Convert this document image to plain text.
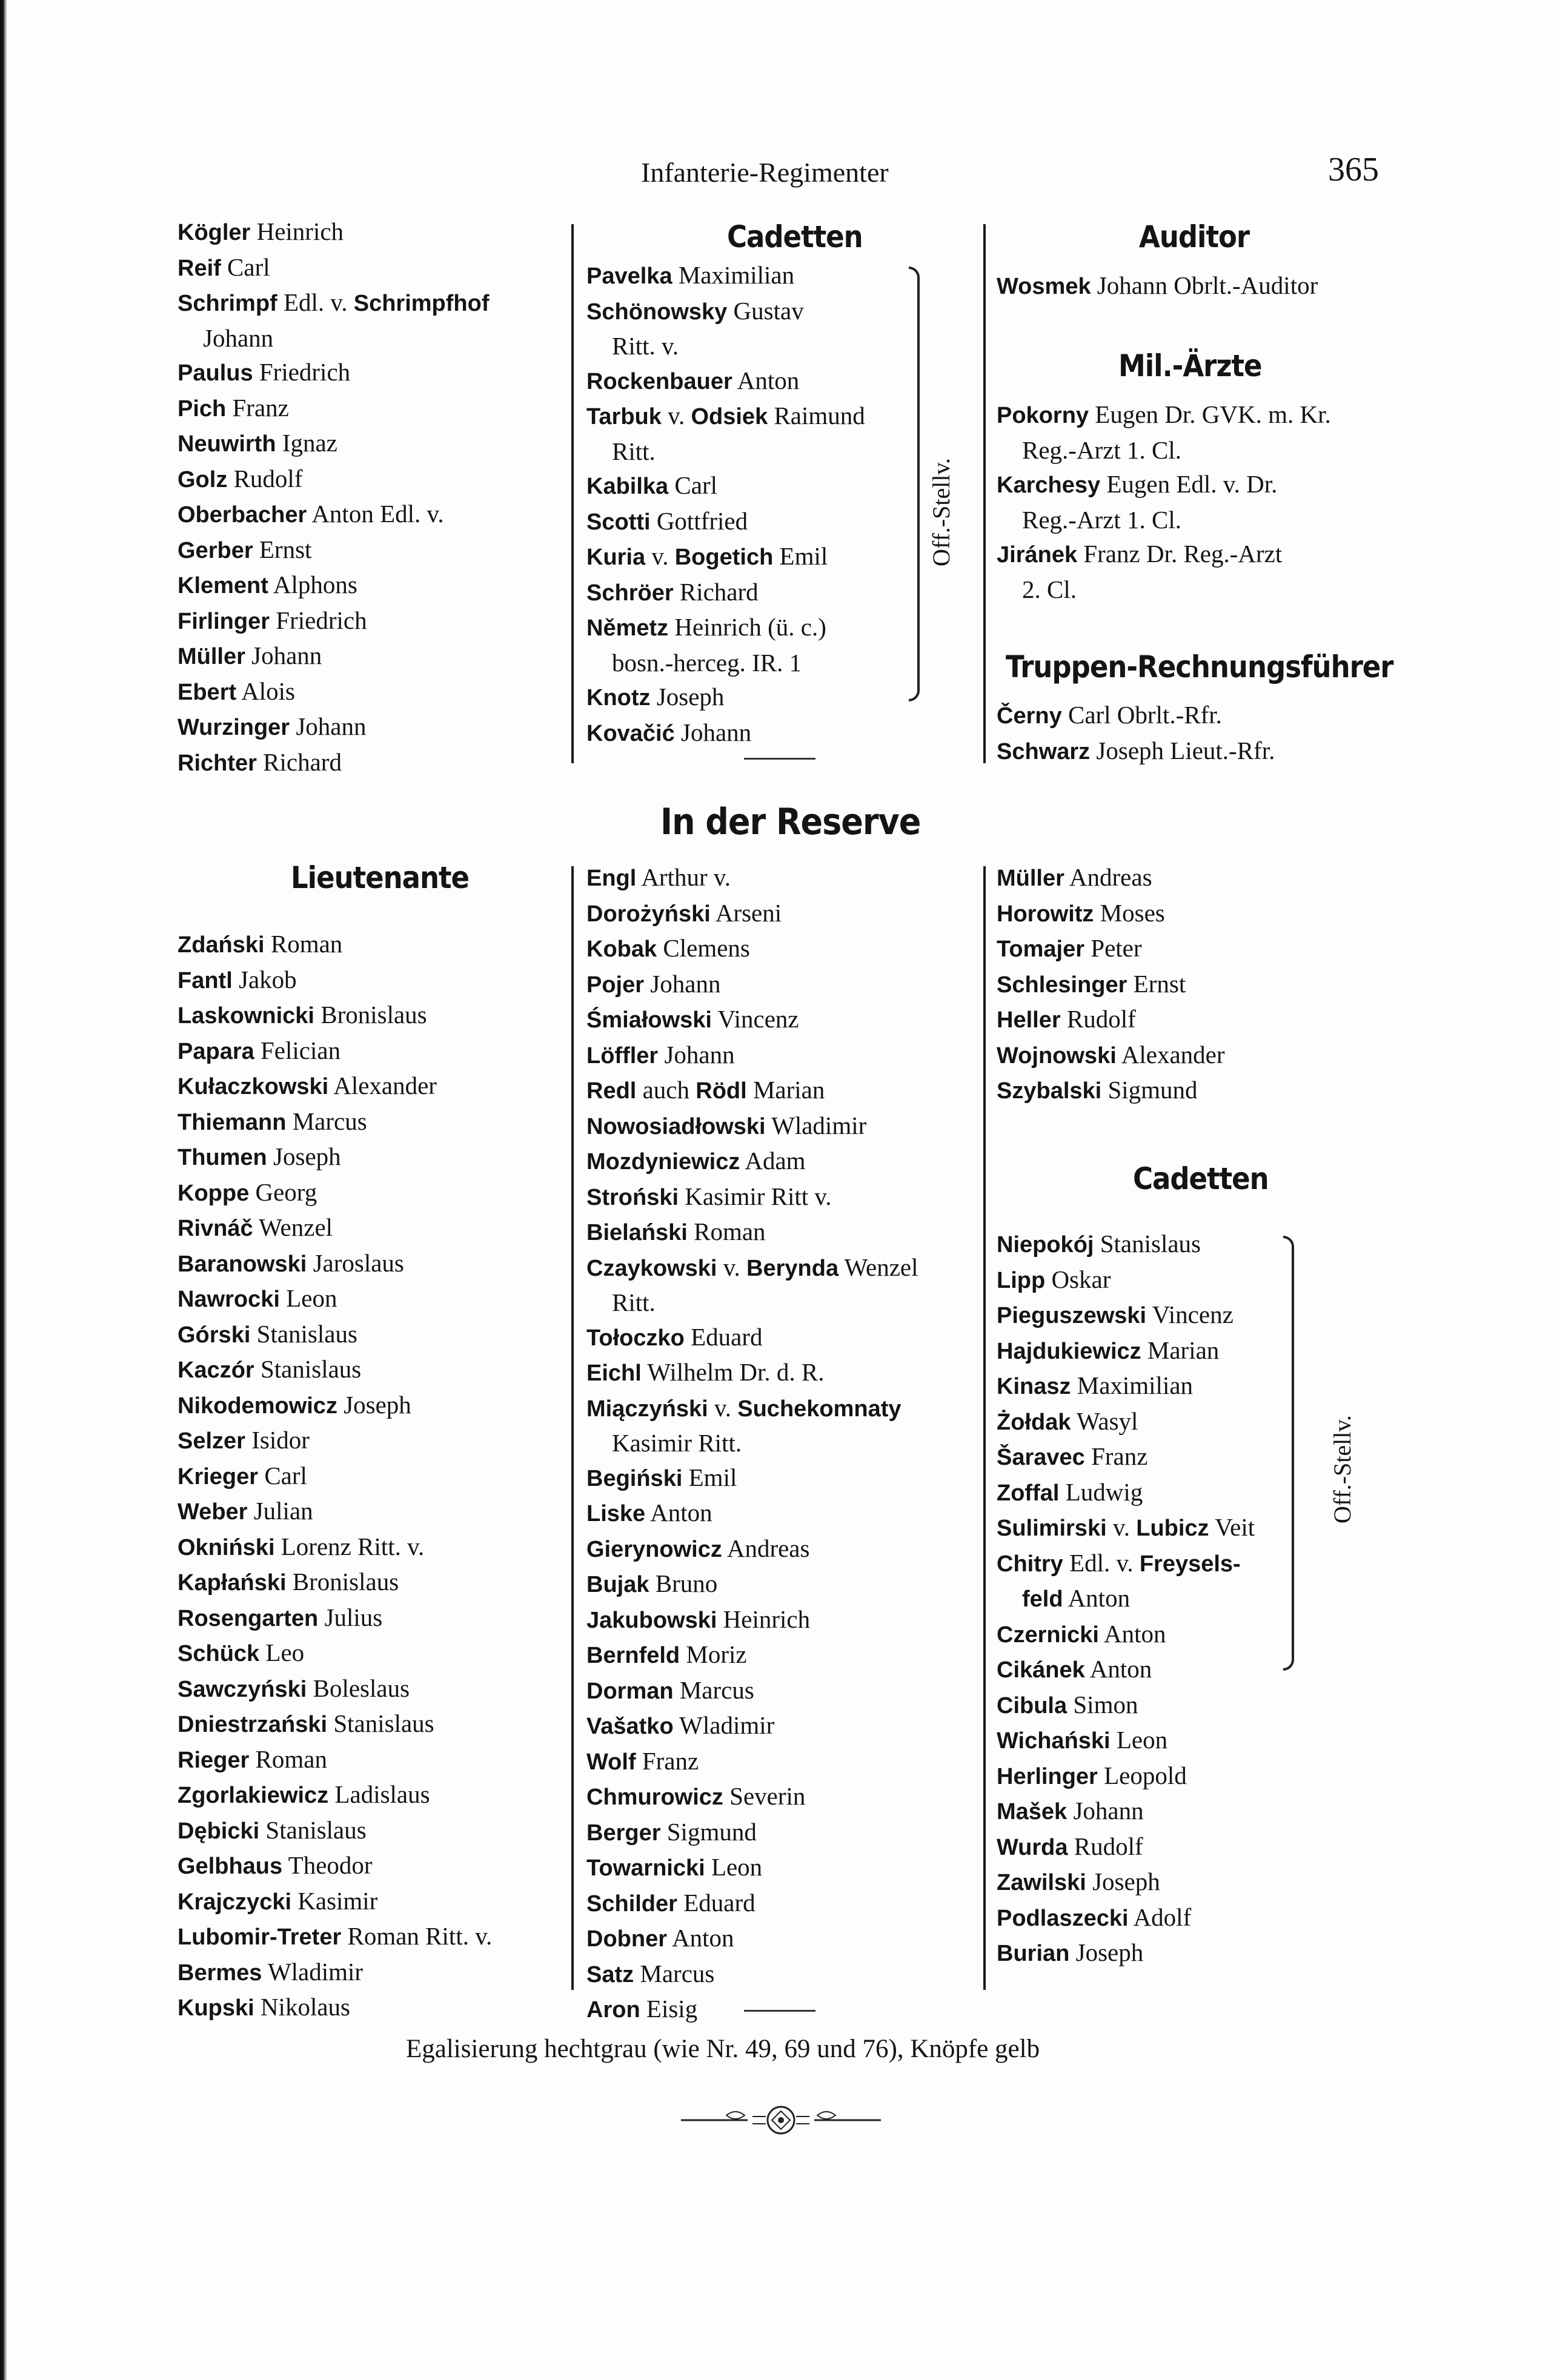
Infanterie-Regimenter	365
Kögler Heinrich
Reif Carl
Schrimpf Edl. v. Schrimpfhof
Johann
Paulus Friedrich
Pich Franz
Neuwirth Ignaz
Golz Rudolf
Oberbacher Anton Edl. v.
Gerber Ernst
Klement Alphons
Firlinger Friedrich
Müller Johann
Ebert Alois
Wurzinger Johann
Richter Richard
Cadetten
Pavelka Maximilian
Schönowsky Gustav
Ritt. v.
Rockenbauer Anton
Tarbuk v. Odsiek Raimund
Ritt.
Kabilka Carl
Scotti Gottfried
Kuria v. Bogetich Emil
Schröer Richard
Němetz Heinrich (ü. c.)
bosn.-herceg. IR. 1
Knotz Joseph
Kovačić Johann
Off.-Stellv.
Auditor
Wosmek Johann Obrlt.-Auditor
Mil.-Ärzte
Pokorny Eugen Dr. GVK. m. Kr.
Reg.-Arzt 1. Cl.
Karchesy Eugen Edl. v. Dr.
Reg.-Arzt 1. Cl.
Jiránek Franz Dr. Reg.-Arzt
2. Cl.
Truppen-Rechnungsführer
Černy Carl Obrlt.-Rfr.
Schwarz Joseph Lieut.-Rfr.
In der Reserve
Lieutenante
Zdański Roman
Fantl Jakob
Laskownicki Bronislaus
Papara Felician
Kułaczkowski Alexander
Thiemann Marcus
Thumen Joseph
Koppe Georg
Rivnáč Wenzel
Baranowski Jaroslaus
Nawrocki Leon
Górski Stanislaus
Kaczór Stanislaus
Nikodemowicz Joseph
Selzer Isidor
Krieger Carl
Weber Julian
Okniński Lorenz Ritt. v.
Kapłański Bronislaus
Rosengarten Julius
Schück Leo
Sawczyński Boleslaus
Dniestrzański Stanislaus
Rieger Roman
Zgorlakiewicz Ladislaus
Dębicki Stanislaus
Gelbhaus Theodor
Krajczycki Kasimir
Lubomir-Treter Roman Ritt. v.
Bermes Wladimir
Kupski Nikolaus
Engl Arthur v.
Dorożyński Arseni
Kobak Clemens
Pojer Johann
Śmiałowski Vincenz
Löffler Johann
Redl auch Rödl Marian
Nowosiadłowski Wladimir
Mozdyniewicz Adam
Stroński Kasimir Ritt v.
Bielański Roman
Czaykowski v. Berynda Wenzel
Ritt.
Tołoczko Eduard
Eichl Wilhelm Dr. d. R.
Miączyński v. Suchekomnaty
Kasimir Ritt.
Begiński Emil
Liske Anton
Gierynowicz Andreas
Bujak Bruno
Jakubowski Heinrich
Bernfeld Moriz
Dorman Marcus
Vašatko Wladimir
Wolf Franz
Chmurowicz Severin
Berger Sigmund
Towarnicki Leon
Schilder Eduard
Dobner Anton
Satz Marcus
Aron Eisig
Müller Andreas
Horowitz Moses
Tomajer Peter
Schlesinger Ernst
Heller Rudolf
Wojnowski Alexander
Szybalski Sigmund
Cadetten
Niepokój Stanislaus
Lipp Oskar
Pieguszewski Vincenz
Hajdukiewicz Marian
Kinasz Maximilian
Żołdak Wasyl
Šaravec Franz
Zoffal Ludwig
Sulimirski v. Lubicz Veit
Chitry Edl. v. Freysels-
feld Anton
Czernicki Anton
Cikánek Anton
Cibula Simon
Wichański Leon
Herlinger Leopold
Mašek Johann
Wurda Rudolf
Zawilski Joseph
Podlaszecki Adolf
Burian Joseph
Off.-Stellv.
Egalisierung hechtgrau (wie Nr. 49, 69 und 76), Knöpfe gelb
